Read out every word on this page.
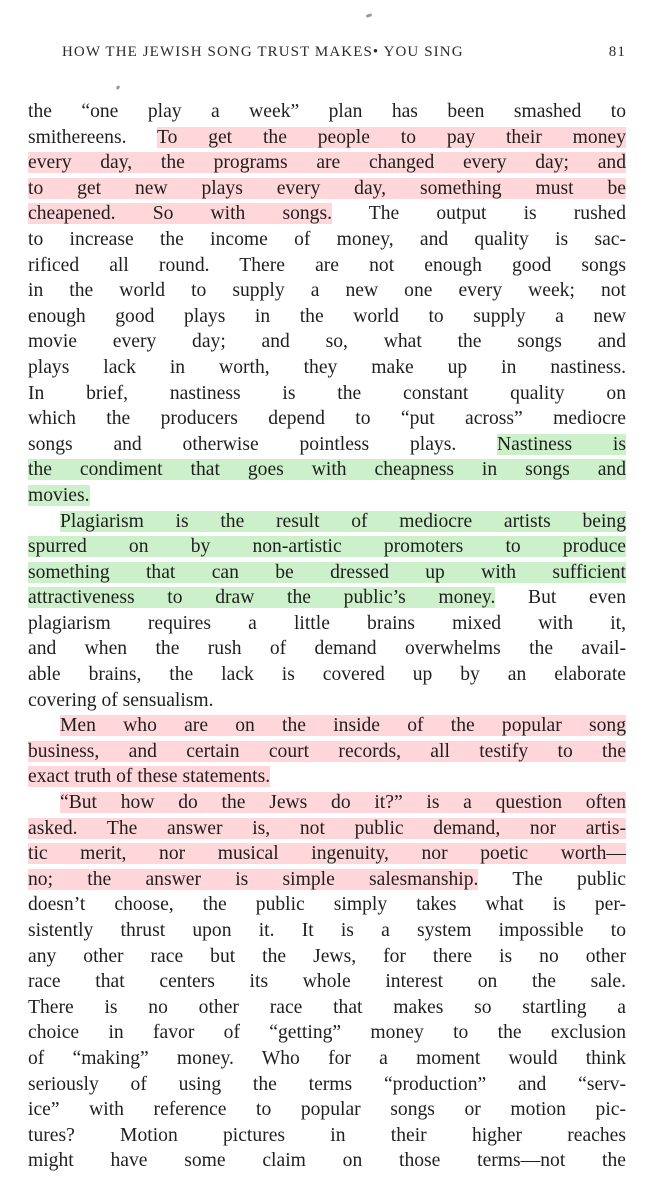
HOW THE JEWISH SONG TRUST MAKES• YOU SING	81
the “one play a week” plan has been smashed to
smithereens. To get the people to pay their money
every day, the programs are changed every day; and
to get new plays every day, something must be
cheapened. So with songs. The output is rushed
to increase the income of money, and quality is sac-
rificed all round. There are not enough good songs
in the world to supply a new one every week; not
enough good plays in the world to supply a new
movie every day; and so, what the songs and
plays lack in worth, they make up in nastiness.
In brief, nastiness is the constant quality on
which the producers depend to “put across” mediocre
songs and otherwise pointless plays. Nastiness is
the condiment that goes with cheapness in songs and
movies.
Plagiarism is the result of mediocre artists being
spurred on by non-artistic promoters to produce
something that can be dressed up with sufficient
attractiveness to draw the public’s money. But even
plagiarism requires a little brains mixed with it,
and when the rush of demand overwhelms the avail-
able brains, the lack is covered up by an elaborate
covering of sensualism.
Men who are on the inside of the popular song
business, and certain court records, all testify to the
exact truth of these statements.
“But how do the Jews do it?” is a question often
asked. The answer is, not public demand, nor artis-
tic merit, nor musical ingenuity, nor poetic worth—
no; the answer is simple salesmanship. The public
doesn’t choose, the public simply takes what is per-
sistently thrust upon it. It is a system impossible to
any other race but the Jews, for there is no other
race that centers its whole interest on the sale.
There is no other race that makes so startling a
choice in favor of “getting” money to the exclusion
of “making” money. Who for a moment would think
seriously of using the terms “production” and “serv-
ice” with reference to popular songs or motion pic-
tures? Motion pictures in their higher reaches
might have some claim on those terms—not the
